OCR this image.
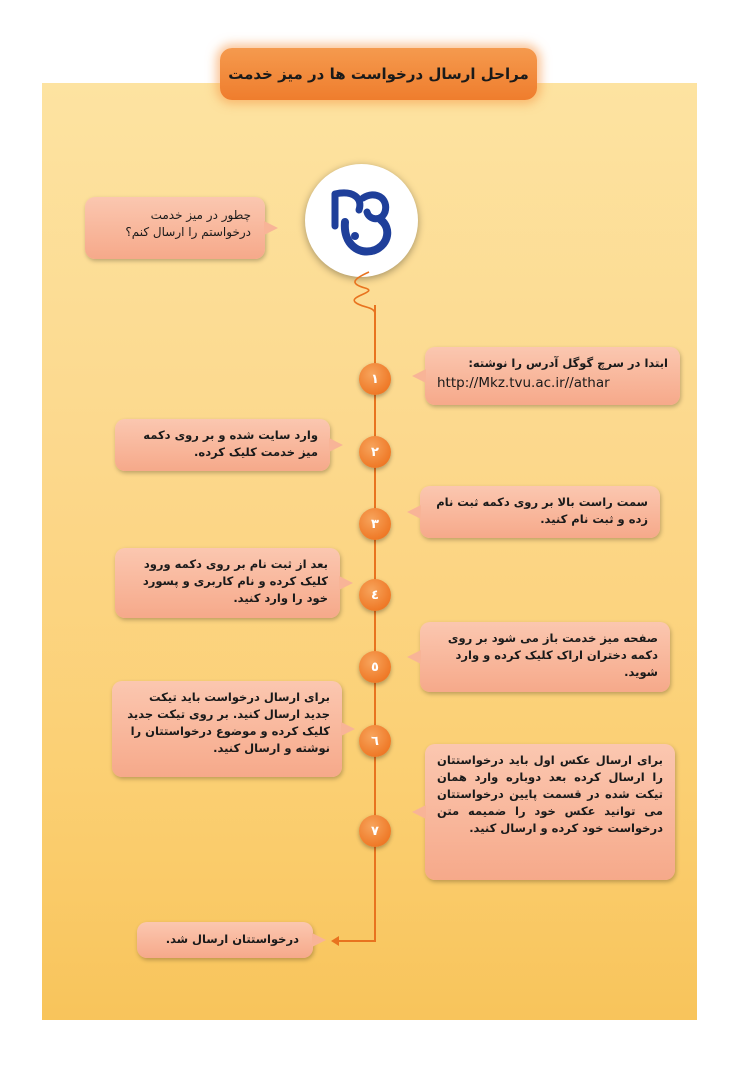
مراحل ارسال درخواست ها در میز خدمت
چطور در میز خدمت درخواستم را ارسال کنم؟
۱
ابتدا در سرچ گوگل آدرس را نوشته:
http://Mkz.tvu.ac.ir//athar
۲
وارد سایت شده و بر روی دکمه میز خدمت کلیک کرده.
۳
سمت راست بالا بر روی دکمه ثبت نام زده و ثبت نام کنید.
٤
بعد از ثبت نام بر روی دکمه ورود کلیک کرده و نام کاربری و پسورد خود را وارد کنید.
٥
صفحه میز خدمت باز می شود بر روی دکمه دختران اراک کلیک کرده و وارد شوید.
٦
برای ارسال درخواست باید تیکت جدید ارسال کنید. بر روی تیکت جدید کلیک کرده و موضوع درخواستتان را نوشته و ارسال کنید.
٧
برای ارسال عکس اول باید درخواستتان را ارسال کرده بعد دوباره وارد همان تیکت شده در قسمت پایین درخواستتان می توانید عکس خود را ضمیمه متن درخواست خود کرده و ارسال کنید.
درخواستتان ارسال شد.
